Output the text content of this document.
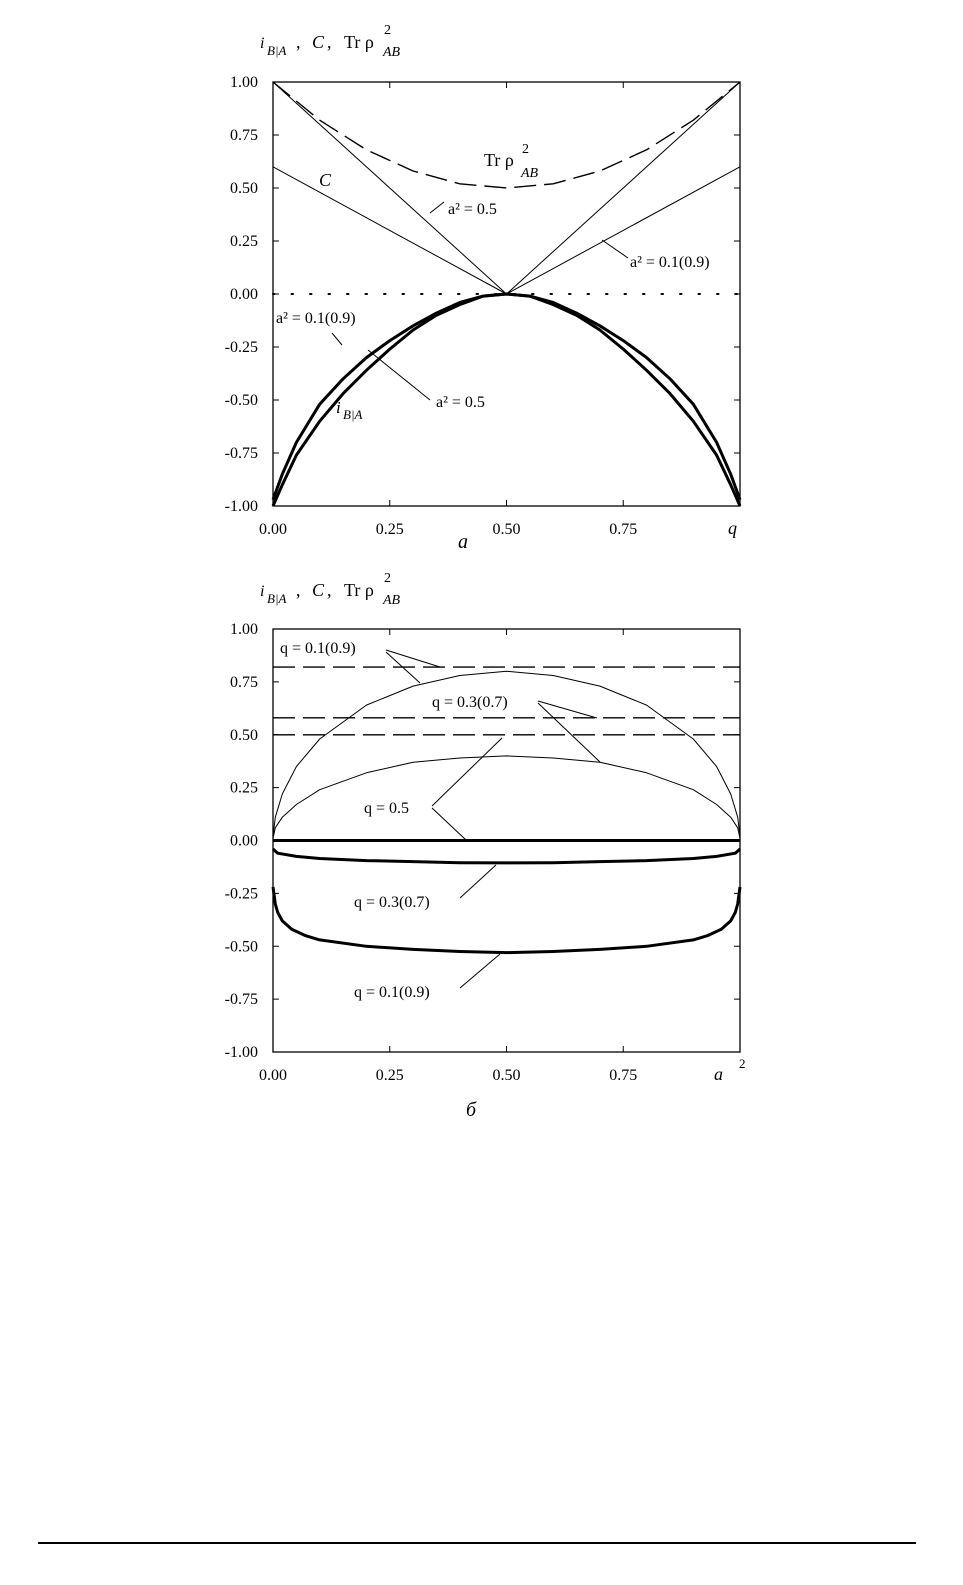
i B|A , C , Tr ρ
2
AB
1.00
0.75
0.50
0.25
0.00
-0.25
-0.50
-0.75
-1.00
0.00	0.25	0.50	0.75	q
C
a² = 0.5
a² = 0.1(0.9)
a² = 0.1(0.9)
a² = 0.5
i B|A
Tr ρ
2
AB
а
i B|A , C , Tr ρ
2
AB
1.00
0.75
0.50
0.25
0.00
-0.25
-0.50
-0.75
-1.00
0.00	0.25	0.50	0.75	a
2
q = 0.1(0.9)
q = 0.3(0.7)
q = 0.5
q = 0.3(0.7)
q = 0.1(0.9)
б
